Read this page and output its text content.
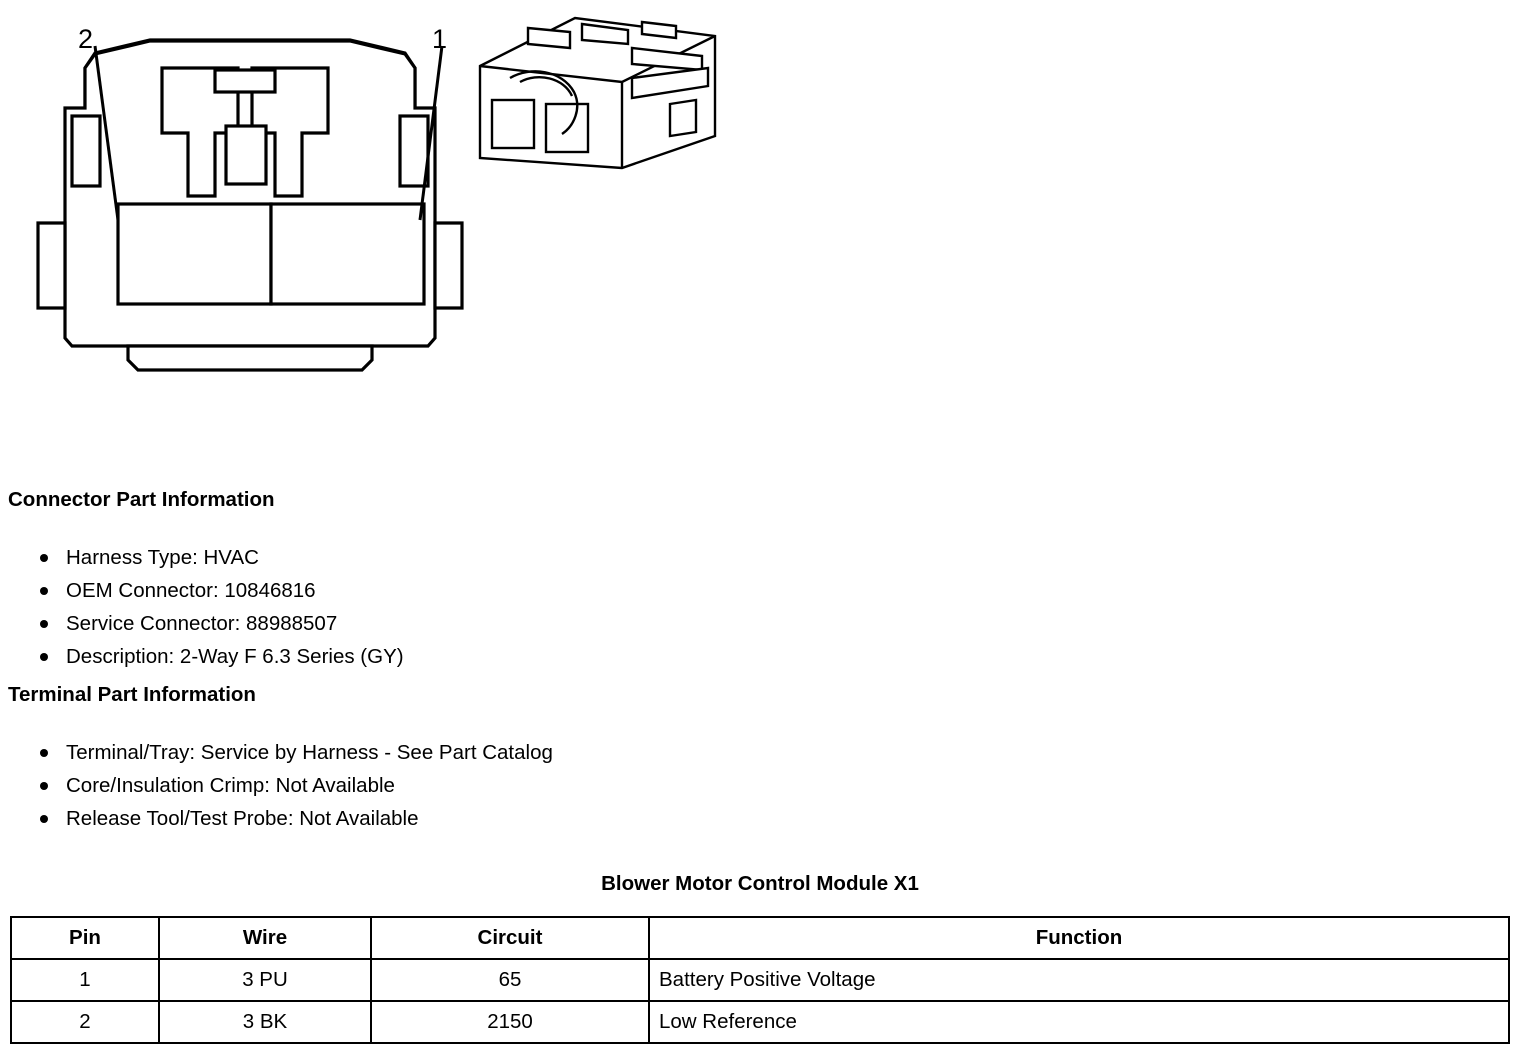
2	1
Connector Part Information
Harness Type: HVAC
OEM Connector: 10846816
Service Connector: 88988507
Description: 2-Way F 6.3 Series (GY)
Terminal Part Information
Terminal/Tray: Service by Harness - See Part Catalog
Core/Insulation Crimp: Not Available
Release Tool/Test Probe: Not Available
Blower Motor Control Module X1
Pin	Wire	Circuit	Function
1	3 PU	65	Battery Positive Voltage
2	3 BK	2150	Low Reference
